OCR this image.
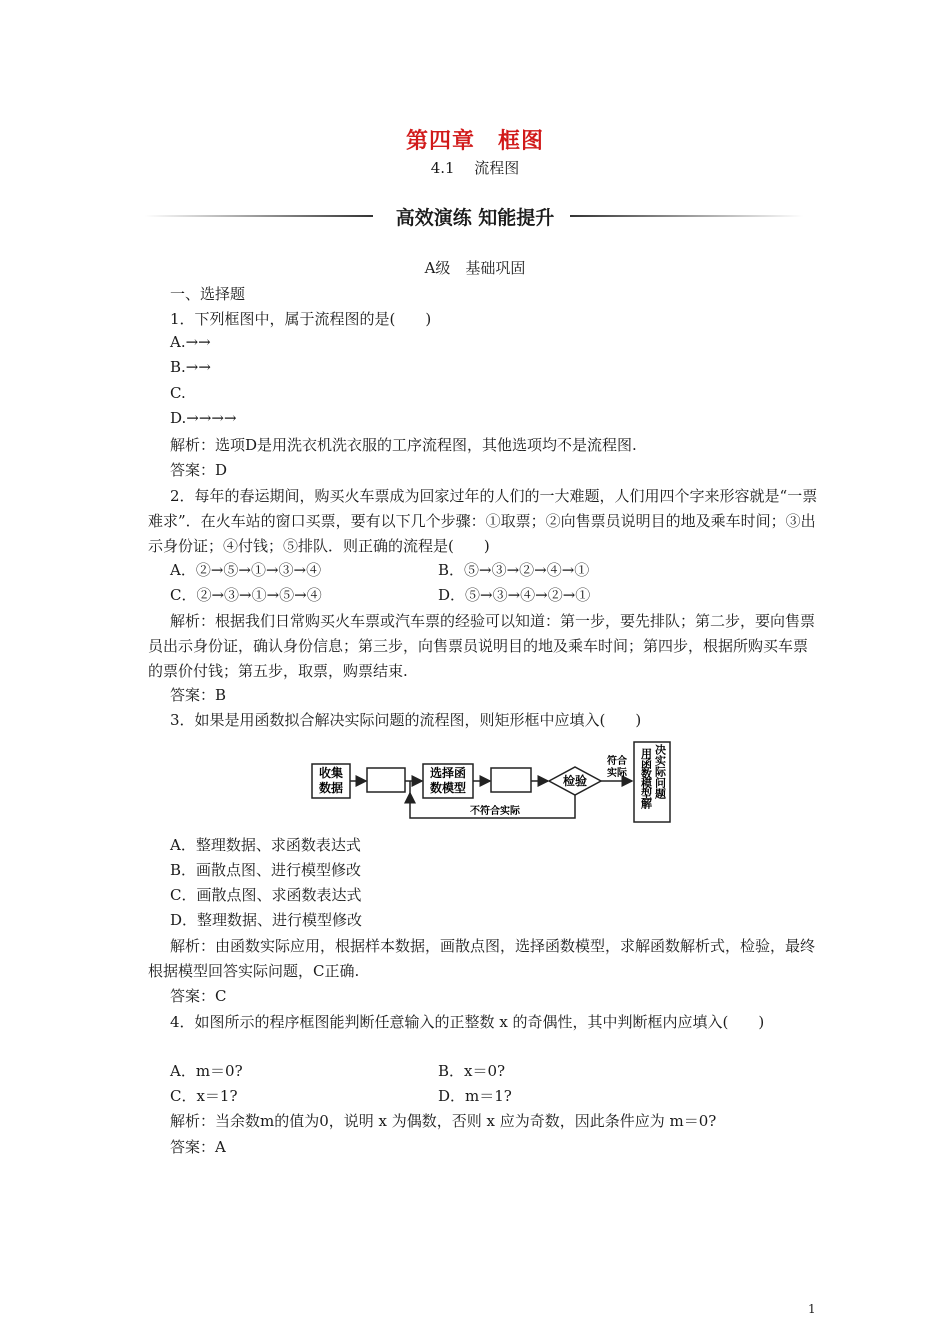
第四章　框图
4.1　 流程图
高效演练 知能提升
A级　基础巩固
一、选择题
1．下列框图中，属于流程图的是(　　)
A.→→
B.→→
C.
D.→→→→
解析：选项D是用洗衣机洗衣服的工序流程图，其他选项均不是流程图.
答案：D
2．每年的春运期间，购买火车票成为回家过年的人们的一大难题，人们用四个字来形容就是“一票难求”．在火车站的窗口买票，要有以下几个步骤：①取票；②向售票员说明目的地及乘车时间；③出示身份证；④付钱；⑤排队．则正确的流程是(　　)
A．②→⑤→①→③→④	B．⑤→③→②→④→①
C．②→③→①→⑤→④	D．⑤→③→④→②→①
解析：根据我们日常购买火车票或汽车票的经验可以知道：第一步，要先排队；第二步，要向售票员出示身份证，确认身份信息；第三步，向售票员说明目的地及乘车时间；第四步，根据所购买车票的票价付钱；第五步，取票，购票结束.
答案：B
3．如果是用函数拟合解决实际问题的流程图，则矩形框中应填入(　　)
收集
数据
选择函
数模型	检验
符合
实际 用函数模型解 决实际问题
不符合实际
A．整理数据、求函数表达式
B．画散点图、进行模型修改
C．画散点图、求函数表达式
D．整理数据、进行模型修改
解析：由函数实际应用，根据样本数据，画散点图，选择函数模型，求解函数解析式，检验，最终根据模型回答实际问题，C正确.
答案：C
4．如图所示的程序框图能判断任意输入的正整数 x 的奇偶性，其中判断框内应填入(　　)
A．m＝0?	B．x＝0?
C．x＝1?	D．m＝1?
解析：当余数m的值为0，说明 x 为偶数，否则 x 应为奇数，因此条件应为 m＝0?
答案：A
1
